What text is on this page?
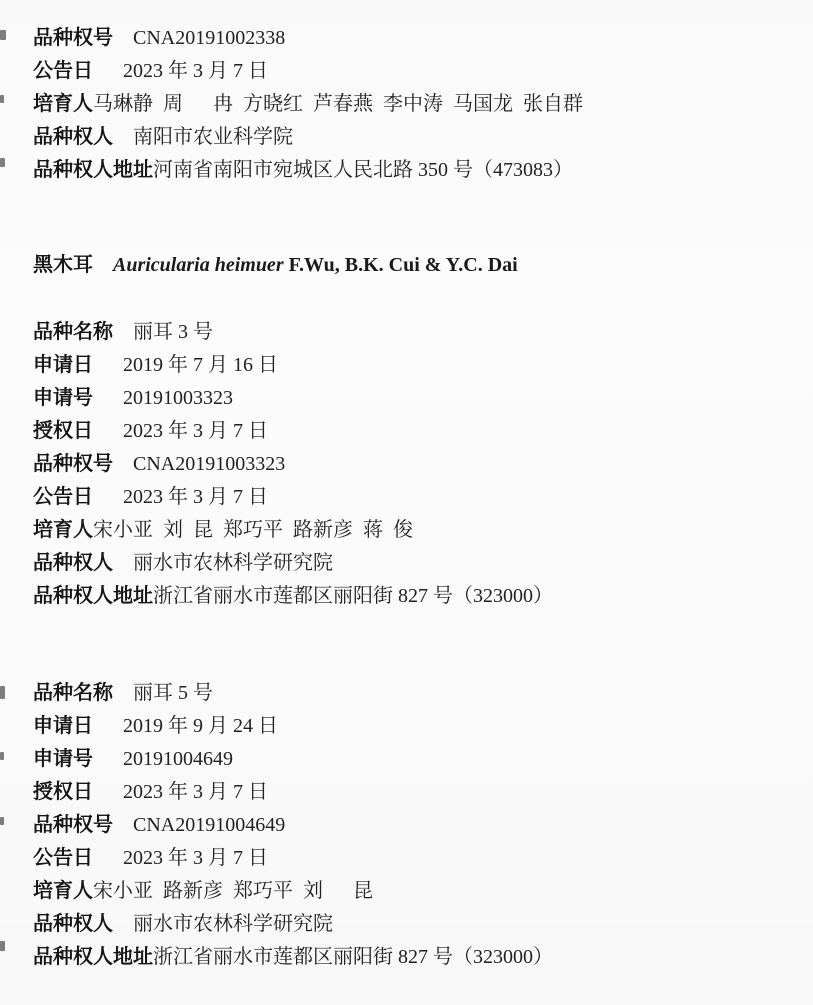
品种权号　 CNA20191002338

公告日　  2023 年 3 月 7 日

培育人马琳静 周　 冉 方晓红 芦春燕 李中涛 马国龙 张自群

品种权人　 南阳市农业科学院

品种权人地址河南省南阳市宛城区人民北路 350 号（473083）

黑木耳　 Auricularia heimuer F.Wu, B.K. Cui & Y.C. Dai

品种名称　 丽耳 3 号

申请日　  2019 年 7 月 16 日

申请号　  20191003323

授权日　  2023 年 3 月 7 日

品种权号　 CNA20191003323

公告日　  2023 年 3 月 7 日

培育人宋小亚 刘 昆 郑巧平 路新彦 蒋 俊

品种权人　 丽水市农林科学研究院

品种权人地址浙江省丽水市莲都区丽阳街 827 号（323000）

品种名称　 丽耳 5 号

申请日　  2019 年 9 月 24 日

申请号　  20191004649

授权日　  2023 年 3 月 7 日

品种权号　 CNA20191004649

公告日　  2023 年 3 月 7 日

培育人宋小亚 路新彦 郑巧平 刘　 昆

品种权人　 丽水市农林科学研究院

品种权人地址浙江省丽水市莲都区丽阳街 827 号（323000）
